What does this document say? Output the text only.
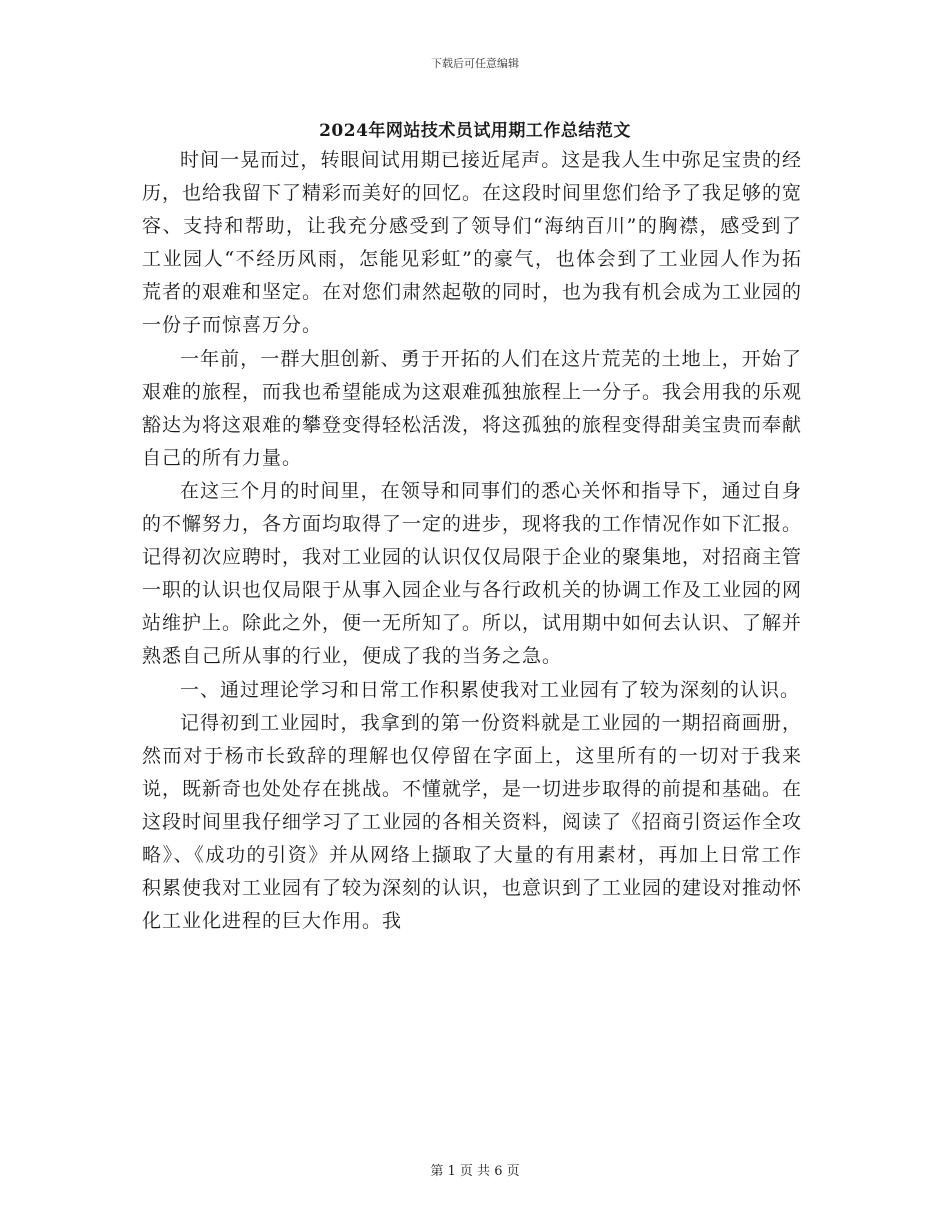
下载后可任意编辑
2024年网站技术员试用期工作总结范文

时间一晃而过，转眼间试用期已接近尾声。这是我人生中弥足宝贵的经历，也给我留下了精彩而美好的回忆。在这段时间里您们给予了我足够的宽容、支持和帮助，让我充分感受到了领导们“海纳百川”的胸襟，感受到了工业园人“不经历风雨，怎能见彩虹”的豪气，也体会到了工业园人作为拓荒者的艰难和坚定。在对您们肃然起敬的同时，也为我有机会成为工业园的一份子而惊喜万分。

一年前，一群大胆创新、勇于开拓的人们在这片荒芜的土地上，开始了艰难的旅程，而我也希望能成为这艰难孤独旅程上一分子。我会用我的乐观豁达为将这艰难的攀登变得轻松活泼，将这孤独的旅程变得甜美宝贵而奉献自己的所有力量。

在这三个月的时间里，在领导和同事们的悉心关怀和指导下，通过自身的不懈努力，各方面均取得了一定的进步，现将我的工作情况作如下汇报。记得初次应聘时，我对工业园的认识仅仅局限于企业的聚集地，对招商主管一职的认识也仅局限于从事入园企业与各行政机关的协调工作及工业园的网站维护上。除此之外，便一无所知了。所以，试用期中如何去认识、了解并熟悉自己所从事的行业，便成了我的当务之急。

一、通过理论学习和日常工作积累使我对工业园有了较为深刻的认识。

记得初到工业园时，我拿到的第一份资料就是工业园的一期招商画册，然而对于杨市长致辞的理解也仅停留在字面上，这里所有的一切对于我来说，既新奇也处处存在挑战。不懂就学，是一切进步取得的前提和基础。在这段时间里我仔细学习了工业园的各相关资料，阅读了《招商引资运作全攻略》、《成功的引资》并从网络上撷取了大量的有用素材，再加上日常工作积累使我对工业园有了较为深刻的认识，也意识到了工业园的建设对推动怀化工业化进程的巨大作用。我

第 1 页 共 6 页
